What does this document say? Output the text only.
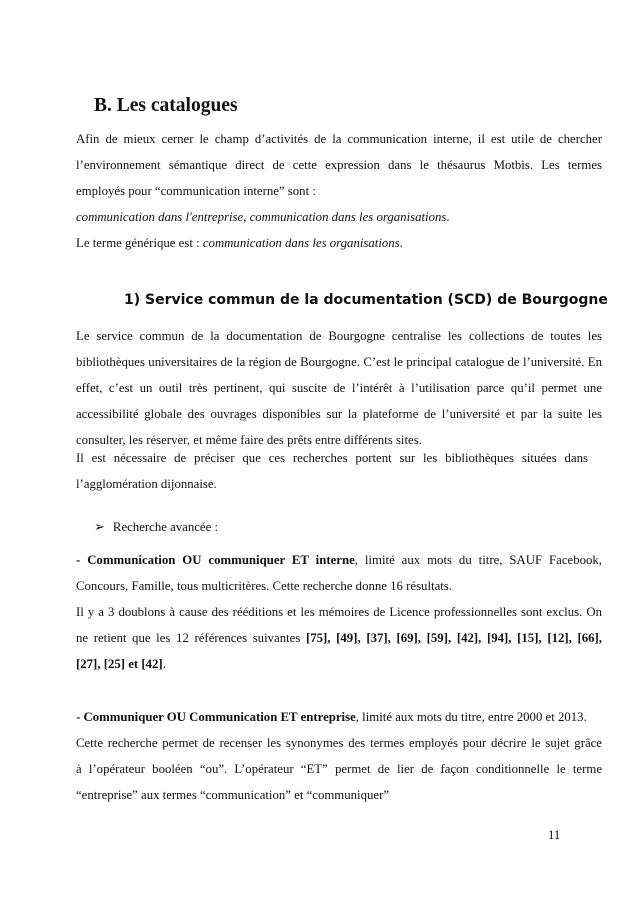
B. Les catalogues
Afin de mieux cerner le champ d’activités de la communication interne, il est utile de chercher
l’environnement sémantique direct de cette expression dans le thésaurus Motbis. Les termes
employés pour “communication interne” sont :
communication dans l'entreprise, communication dans les organisations.
Le terme générique est : communication dans les organisations.
1) Service commun de la documentation (SCD) de Bourgogne
Le service commun de la documentation de Bourgogne centralise les collections de toutes les
bibliothèques universitaires de la région de Bourgogne. C’est le principal catalogue de l’université. En
effet, c’est un outil très pertinent, qui suscite de l’intérêt à l’utilisation parce qu’il permet une
accessibilité globale des ouvrages disponibles sur la plateforme de l’université et par la suite les
consulter, les réserver, et même faire des prêts entre différents sites.
Il est nécessaire de préciser que ces recherches portent sur les bibliothèques situées dans
l’agglomération dijonnaise.
➢ Recherche avancée :
- Communication OU communiquer ET interne, limité aux mots du titre, SAUF Facebook,
Concours, Famille, tous multicritères. Cette recherche donne 16 résultats.
Il y a 3 doublons à cause des rééditions et les mémoires de Licence professionnelles sont exclus. On
ne retient que les 12 références suivantes [75], [49], [37], [69], [59], [42], [94], [15], [12], [66],
[27], [25] et [42].
- Communiquer OU Communication ET entreprise, limité aux mots du titre, entre 2000 et 2013.
Cette recherche permet de recenser les synonymes des termes employés pour décrire le sujet grâce
à l’opérateur booléen “ou”. L’opérateur “ET” permet de lier de façon conditionnelle le terme
“entreprise” aux termes “communication” et “communiquer”
11
